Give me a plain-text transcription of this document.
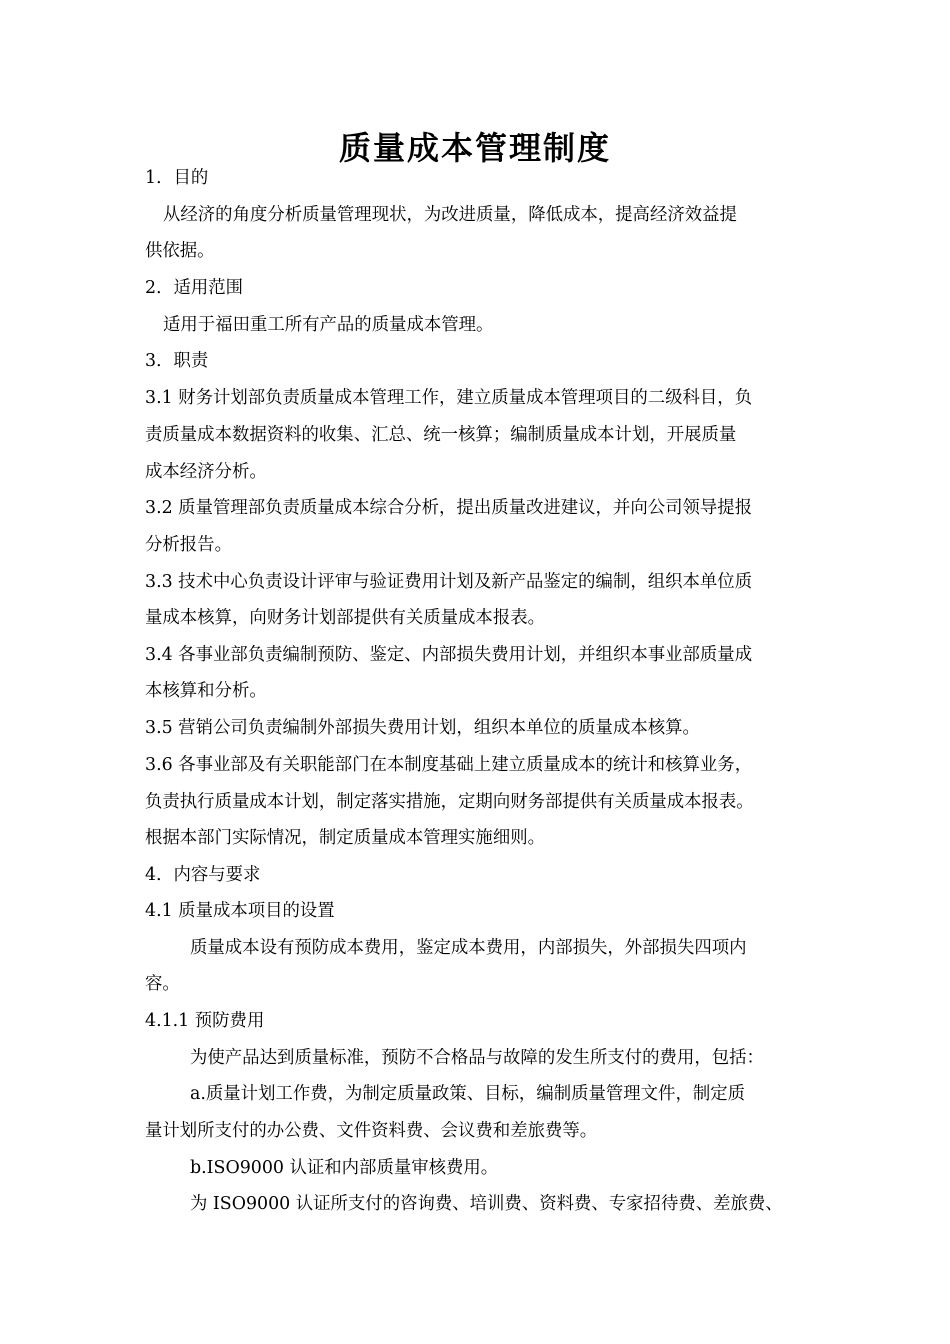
质量成本管理制度
1．目的
从经济的角度分析质量管理现状，为改进质量，降低成本，提高经济效益提
供依据。
2．适用范围
适用于福田重工所有产品的质量成本管理。
3．职责
3.1 财务计划部负责质量成本管理工作，建立质量成本管理项目的二级科目，负
责质量成本数据资料的收集、汇总、统一核算；编制质量成本计划，开展质量
成本经济分析。
3.2 质量管理部负责质量成本综合分析，提出质量改进建议，并向公司领导提报
分析报告。
3.3 技术中心负责设计评审与验证费用计划及新产品鉴定的编制，组织本单位质
量成本核算，向财务计划部提供有关质量成本报表。
3.4 各事业部负责编制预防、鉴定、内部损失费用计划，并组织本事业部质量成
本核算和分析。
3.5 营销公司负责编制外部损失费用计划，组织本单位的质量成本核算。
3.6 各事业部及有关职能部门在本制度基础上建立质量成本的统计和核算业务，
负责执行质量成本计划，制定落实措施，定期向财务部提供有关质量成本报表。
根据本部门实际情况，制定质量成本管理实施细则。
4．内容与要求
4.1 质量成本项目的设置
质量成本设有预防成本费用，鉴定成本费用，内部损失，外部损失四项内
容。
4.1.1 预防费用
为使产品达到质量标准，预防不合格品与故障的发生所支付的费用，包括：
a.质量计划工作费，为制定质量政策、目标，编制质量管理文件，制定质
量计划所支付的办公费、文件资料费、会议费和差旅费等。
b.ISO9000 认证和内部质量审核费用。
为 ISO9000 认证所支付的咨询费、培训费、资料费、专家招待费、差旅费、
